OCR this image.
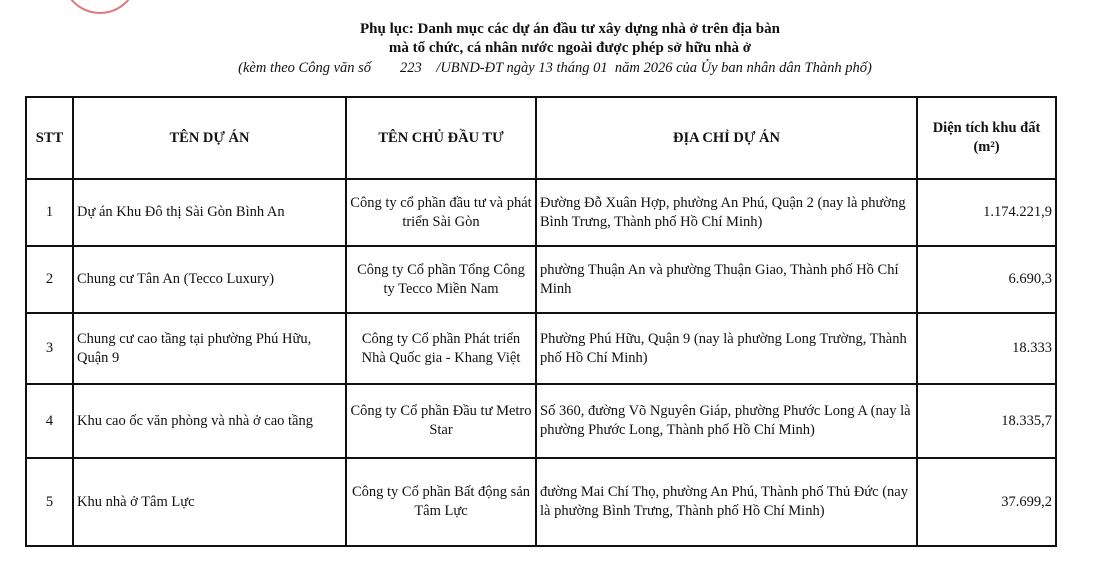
Phụ lục: Danh mục các dự án đầu tư xây dựng nhà ở trên địa bàn
mà tổ chức, cá nhân nước ngoài được phép sở hữu nhà ở
(kèm theo Công văn số        223    /UBND-ĐT ngày 13 tháng 01  năm 2026 của Ủy ban nhân dân Thành phố)
STT	TÊN DỰ ÁN	TÊN CHỦ ĐẦU TƯ	ĐỊA CHỈ DỰ ÁN	Diện tích khu đất
(m²)

1	Dự án Khu Đô thị Sài Gòn Bình An	Công ty cổ phần đầu tư và phát triển Sài Gòn	Đường Đỗ Xuân Hợp, phường An Phú, Quận 2 (nay là phường Bình Trưng, Thành phố Hồ Chí Minh)	1.174.221,9
2	Chung cư Tân An (Tecco Luxury)	Công ty Cổ phần Tổng Công ty Tecco Miền Nam	phường Thuận An và phường Thuận Giao, Thành phố Hồ Chí Minh	6.690,3
3	Chung cư cao tầng tại phường Phú Hữu, Quận 9	Công ty Cổ phần Phát triển Nhà Quốc gia - Khang Việt	Phường Phú Hữu, Quận 9 (nay là phường Long Trường, Thành phố Hồ Chí Minh)	18.333
4	Khu cao ốc văn phòng và nhà ở cao tầng	Công ty Cổ phần Đầu tư Metro Star	Số 360, đường Võ Nguyên Giáp, phường Phước Long A (nay là phường Phước Long, Thành phố Hồ Chí Minh)	18.335,7
5	Khu nhà ở Tâm Lực	Công ty Cổ phần Bất động sản Tâm Lực	đường Mai Chí Thọ, phường An Phú, Thành phố Thủ Đức (nay là phường Bình Trưng, Thành phố Hồ Chí Minh)	37.699,2
